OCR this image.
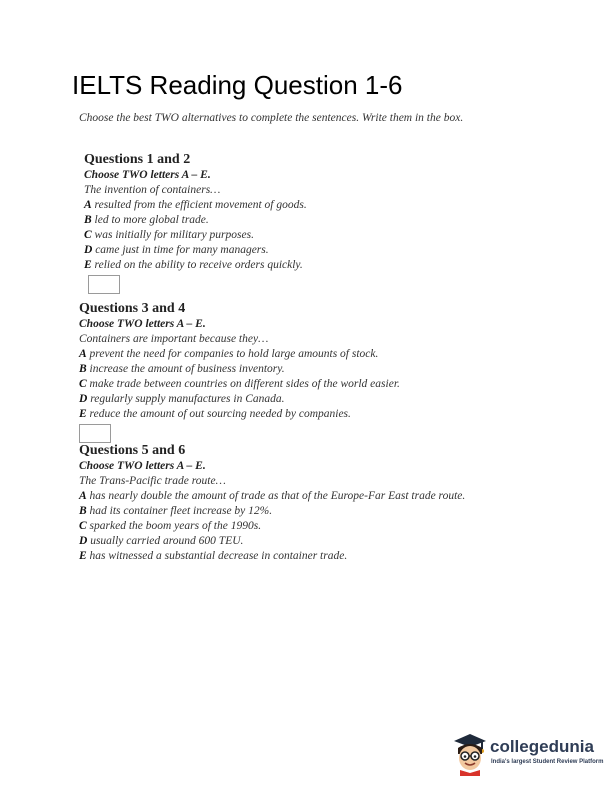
IELTS Reading Question 1-6
Choose the best TWO alternatives to complete the sentences. Write them in the box.
Questions 1 and 2
Choose TWO letters A – E.
The invention of containers…
A resulted from the efficient movement of goods.
B led to more global trade.
C was initially for military purposes.
D came just in time for many managers.
E relied on the ability to receive orders quickly.
Questions 3 and 4
Choose TWO letters A – E.
Containers are important because they…
A prevent the need for companies to hold large amounts of stock.
B increase the amount of business inventory.
C make trade between countries on different sides of the world easier.
D regularly supply manufactures in Canada.
E reduce the amount of out sourcing needed by companies.
Questions 5 and 6
Choose TWO letters A – E.
The Trans-Pacific trade route…
A has nearly double the amount of trade as that of the Europe-Far East trade route.
B had its container fleet increase by 12%.
C sparked the boom years of the 1990s.
D usually carried around 600 TEU.
E has witnessed a substantial decrease in container trade.
collegedunia
India's largest Student Review Platform
